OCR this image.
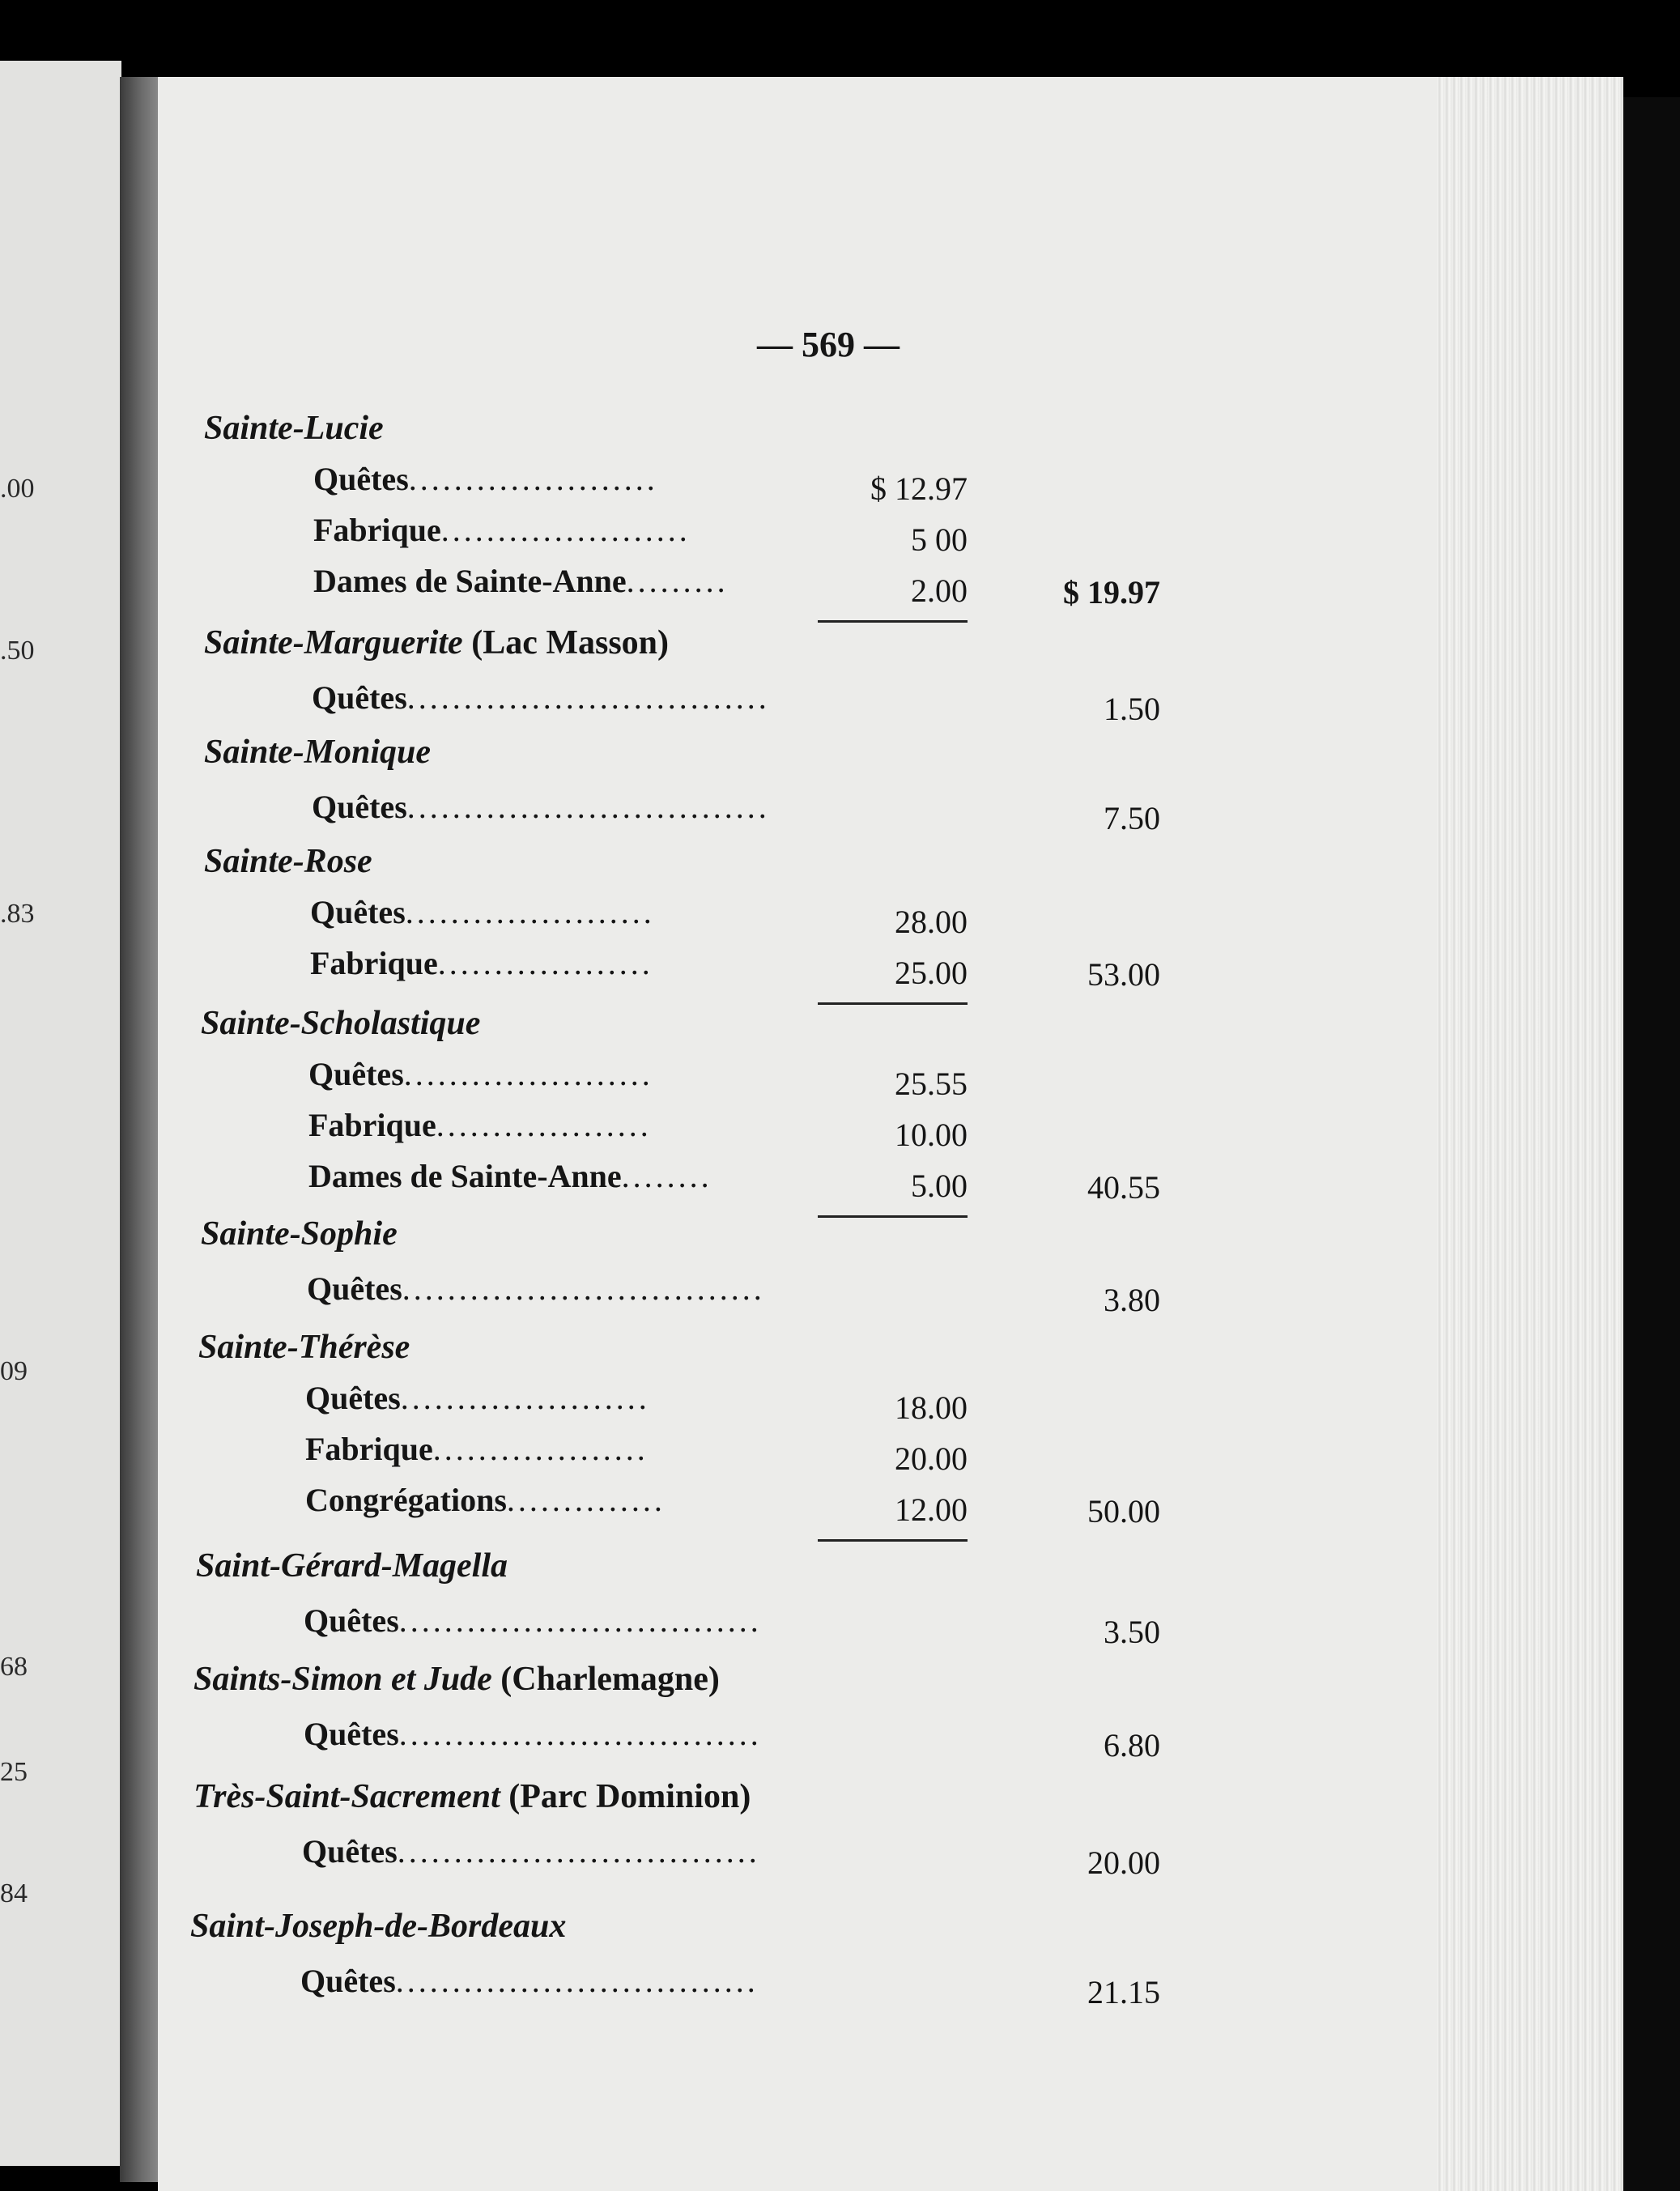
.00
.50
.83
09
68
25
84
— 569 —
Sainte-Lucie
Quêtes......................	$ 12.97
Fabrique......................	5 00
Dames de Sainte-Anne.........	2.00	$ 19.97
Sainte-Marguerite (Lac Masson)
Quêtes................................	1.50
Sainte-Monique
Quêtes................................	7.50
Sainte-Rose
Quêtes......................	28.00
Fabrique...................	25.00	53.00
Sainte-Scholastique
Quêtes......................	25.55
Fabrique...................	10.00
Dames de Sainte-Anne........	5.00	40.55
Sainte-Sophie
Quêtes................................	3.80
Sainte-Thérèse
Quêtes......................	18.00
Fabrique...................	20.00
Congrégations..............	12.00	50.00
Saint-Gérard-Magella
Quêtes................................	3.50
Saints-Simon et Jude (Charlemagne)
Quêtes................................	6.80
Très-Saint-Sacrement (Parc Dominion)
Quêtes................................	20.00
Saint-Joseph-de-Bordeaux
Quêtes................................	21.15
